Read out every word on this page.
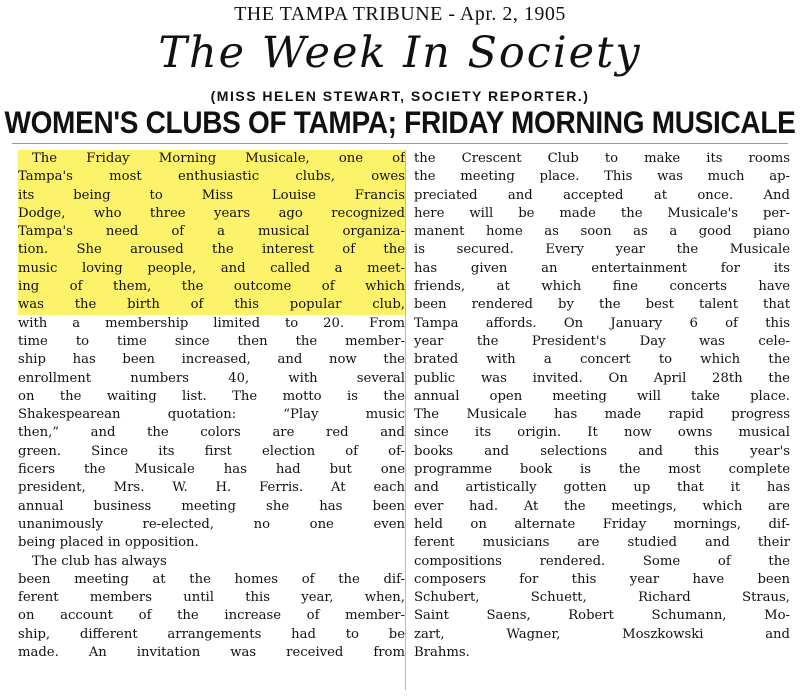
THE TAMPA TRIBUNE - Apr. 2, 1905
The Week In Society
(MISS HELEN STEWART, SOCIETY REPORTER.)
WOMEN'S CLUBS OF TAMPA; FRIDAY MORNING MUSICALE
The Friday Morning Musicale, one of
Tampa's most enthusiastic clubs, owes
its being to Miss Louise Francis
Dodge, who three years ago recognized
Tampa's need of a musical organiza-
tion. She aroused the interest of the
music loving people, and called a meet-
ing of them, the outcome of which
was the birth of this popular club,
with a membership limited to 20. From
time to time since then the member-
ship has been increased, and now the
enrollment numbers 40, with several
on the waiting list. The motto is the
Shakespearean quotation: “Play music
then,” and the colors are red and
green. Since its first election of of-
ficers the Musicale has had but one
president, Mrs. W. H. Ferris. At each
annual business meeting she has been
unanimously re-elected, no one even
being placed in opposition.
The club has always
been meeting at the homes of the dif-
ferent members until this year, when,
on account of the increase of member-
ship, different arrangements had to be
made. An invitation was received from
the Crescent Club to make its rooms
the meeting place. This was much ap-
preciated and accepted at once. And
here will be made the Musicale's per-
manent home as soon as a good piano
is secured. Every year the Musicale
has given an entertainment for its
friends, at which fine concerts have
been rendered by the best talent that
Tampa affords. On January 6 of this
year the President's Day was cele-
brated with a concert to which the
public was invited. On April 28th the
annual open meeting will take place.
The Musicale has made rapid progress
since its origin. It now owns musical
books and selections and this year's
programme book is the most complete
and artistically gotten up that it has
ever had. At the meetings, which are
held on alternate Friday mornings, dif-
ferent musicians are studied and their
compositions rendered. Some of the
composers for this year have been
Schubert, Schuett, Richard Straus,
Saint Saens, Robert Schumann, Mo-
zart, Wagner, Moszkowski and
Brahms.
